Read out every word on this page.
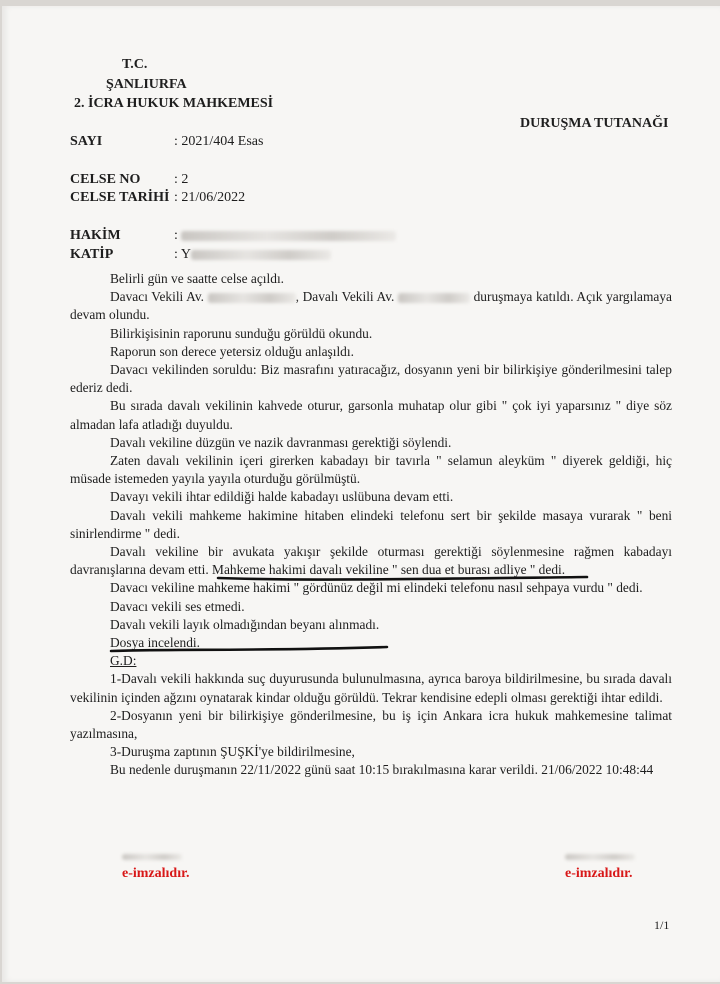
T.C.
ŞANLIURFA
2. İCRA HUKUK MAHKEMESİ
DURUŞMA TUTANAĞI
SAYI	: 2021/404 Esas
CELSE NO : 2
CELSE TARİHİ : 21/06/2022
HAKİM	:
KATİP	: Y

Belirli gün ve saatte celse açıldı.

Davacı Vekili Av.	, Davalı Vekili Av.	duruşmaya katıldı. Açık yargılamaya devam olundu.

Bilirkişisinin raporunu sunduğu görüldü okundu.

Raporun son derece yetersiz olduğu anlaşıldı.

Davacı vekilinden soruldu: Biz masrafını yatıracağız, dosyanın yeni bir bilirkişiye gönderilmesini talep ederiz dedi.

Bu sırada davalı vekilinin kahvede oturur, garsonla muhatap olur gibi " çok iyi yaparsınız " diye söz almadan lafa atladığı duyuldu.

Davalı vekiline düzgün ve nazik davranması gerektiği söylendi.

Zaten davalı vekilinin içeri girerken kabadayı bir tavırla " selamun aleyküm " diyerek geldiği, hiç müsade istemeden yayıla yayıla oturduğu görülmüştü.

Davayı vekili ihtar edildiği halde kabadayı uslübuna devam etti.

Davalı vekili mahkeme hakimine hitaben elindeki telefonu sert bir şekilde masaya vurarak " beni sinirlendirme " dedi.

Davalı vekiline bir avukata yakışır şekilde oturması gerektiği söylenmesine rağmen kabadayı davranışlarına devam etti. Mahkeme hakimi davalı vekiline " sen dua et burası adliye " dedi.

Davacı vekiline mahkeme hakimi " gördünüz değil mi elindeki telefonu nasıl sehpaya vurdu " dedi.

Davacı vekili ses etmedi.

Davalı vekili layık olmadığından beyanı alınmadı.

Dosya incelendi.

G.D:

1-Davalı vekili hakkında suç duyurusunda bulunulmasına, ayrıca baroya bildirilmesine, bu sırada davalı vekilinin içinden ağzını oynatarak kindar olduğu görüldü. Tekrar kendisine edepli olması gerektiği ihtar edildi.

2-Dosyanın yeni bir bilirkişiye gönderilmesine, bu iş için Ankara icra hukuk mahkemesine talimat yazılmasına,

3-Duruşma zaptının ŞUŞKİ'ye bildirilmesine,

Bu nedenle duruşmanın 22/11/2022 günü saat 10:15 bırakılmasına karar verildi. 21/06/2022 10:48:44

e-imzalıdır.	e-imzalıdır.
1/1
